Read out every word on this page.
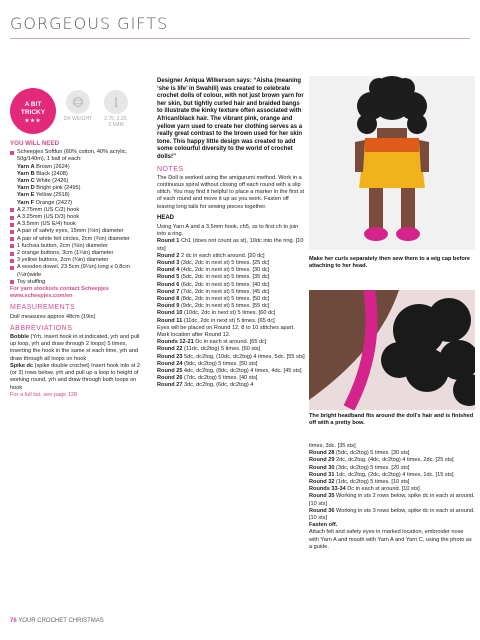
GORGEOUS GIFTS
A BIT
TRICKY
★★★	DK WEIGHT	2.75, 3.25, 3.5MM
YOU WILL NEED
Scheepjes Softfun (60% cotton, 40% acrylic, 50g/140m), 1 ball of each:
Yarn A Brown (2624)
Yarn B Black (2408)
Yarn C White (2426)
Yarn D Bright pink (2495)
Yarn E Yellow (2518)
Yarn F Orange (2427)
A 2.75mm (US C/2) hook
A 3.25mm (US D/3) hook
A 3.5mm (US E/4) hook
A pair of safety eyes, 15mm (½in) diameter
A pair of white felt circles, 2cm (¾in) diameter
1 fuchsia button, 2cm (¾in) diameter
2 orange buttons, 3cm (1¼in) diameter
3 yellow buttons, 2cm (¾in) diameter
A wooden dowel, 23.5cm (9¼in) long x 0.8cm (¼in)wide
Toy stuffing
For yarn stockists contact Scheepjes www.scheepjes.com/en
MEASUREMENTS
Doll measures approx 48cm (19in)
ABBREVIATIONS
Bobble (Yrh, insert hook in st indicated, yrh and pull up loop, yrh and draw through 2 loops) 5 times, inserting the hook in the same st each time, yrh and draw through all loops on hook
Spike dc (spike double crochet) Insert hook into st 2 (or 3) rows below, yrh and pull up a loop to height of working round, yrh and draw through both loops on hook
For a full list, see page 128
Designer Aniqua Wilkerson says: “Aisha (meaning ‘she is life’ in Swahili) was created to celebrate crochet dolls of colour, with not just brown yarn for her skin, but tightly curled hair and braided bangs to illustrate the kinky texture often associated with African/black hair. The vibrant pink, orange and yellow yarn used to create her clothing serves as a really great contrast to the brown used for her skin tone. This happy little design was created to add some colourful diversity to the world of crochet dolls!”
NOTES
The Doll is worked using the amigurumi method. Work in a continuous spiral without closing off each round with a slip stitch. You may find it helpful to place a marker in the first st of each round and move it up as you work. Fasten off leaving long tails for sewing pieces together.
HEAD
Using Yarn A and a 3.5mm hook, ch5, ss to first ch to join into a ring.
Round 1 Ch1 (does not count as st), 10dc into the ring. [10 sts]
Round 2 2 dc in each stitch around. [20 dc]
Round 3 (3dc, 2dc in next st) 5 times. [25 dc]
Round 4 (4dc, 2dc in next st) 5 times. [30 dc]
Round 5 (5dc, 2dc in next st) 5 times. [35 dc]
Round 6 (6dc, 2dc in next st) 5 times. [40 dc]
Round 7 (7dc, 2dc in next st) 5 times. [45 dc]
Round 8 (8dc, 2dc in next st) 5 times. [50 dc]
Round 9 (9dc, 2dc in next st) 5 times. [55 dc]
Round 10 (10dc, 2dc in next st) 5 times. [60 dc]
Round 11 (11dc, 2dc in next st) 5 times. [65 dc]
Eyes will be placed on Round 12, 8 to 10 stitches apart. Mark location after Round 12.
Rounds 12-21 Dc in each st around. [65 dc]
Round 22 (11dc, dc2tog) 5 times. [60 sts]
Round 23 5dc, dc2tog, (10dc, dc2tog) 4 times, 5dc. [55 sts]
Round 24 (9dc, dc2tog) 5 times. [50 sts]
Round 25 4dc, dc2tog, (8dc, dc2tog) 4 times, 4dc. [45 sts]
Round 26 (7dc, dc2tog) 5 times. [40 sts]
Round 27 3dc, dc2tog, (6dc, dc2tog) 4
Make her curls separately then sew them to a wig cap before attaching to her head.
The bright headband fits around the doll's hair and is finished off with a pretty bow.
times, 3dc. [35 sts]
Round 28 (5dc, dc2tog) 5 times. [30 sts]
Round 29 2dc, dc2tog, (4dc, dc2tog) 4 times, 2dc. [25 sts]
Round 30 (3dc, dc2tog) 5 times. [20 sts]
Round 31 1dc, dc2tog, (2dc, dc2tog) 4 times, 1dc. [15 sts]
Round 32 (1dc, dc2tog) 5 times. [10 sts]
Rounds 33-34 Dc in each st around. [10 sts]
Round 35 Working in sts 2 rows below, spike dc in each st around. [10 sts]
Round 36 Working in sts 3 rows below, spike dc in each st around. [10 sts]
Fasten off.
Attach felt and safety eyes in marked location, embroider nose with Yarn A and mouth with Yarn A and Yarn C, using the photo as a guide.
76 YOUR CROCHET CHRISTMAS
